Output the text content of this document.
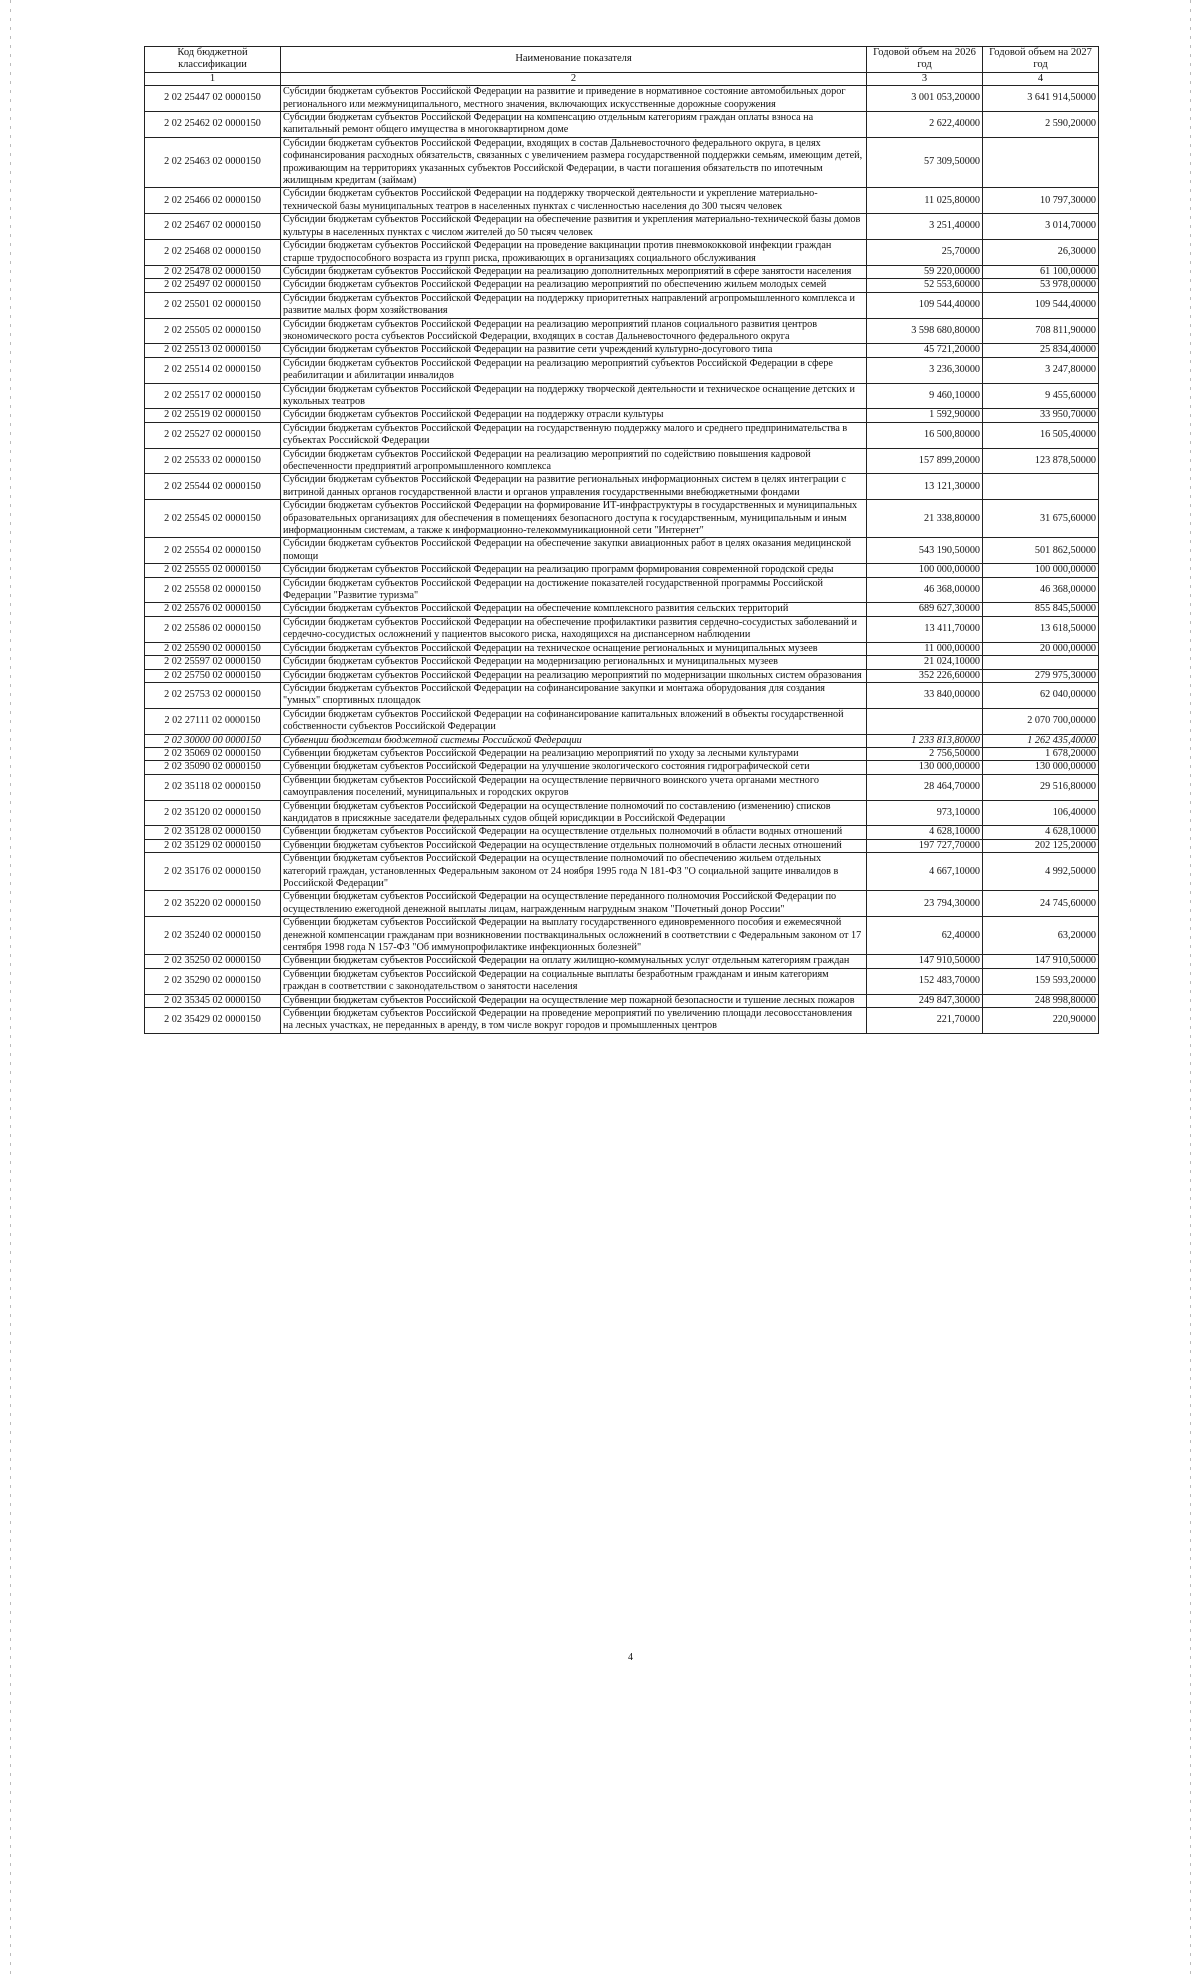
Код бюджетной классификации	Наименование показателя	Годовой объем на 2026 год	Годовой объем на 2027 год
1	2	3	4
2 02 25447 02 0000150	Субсидии бюджетам субъектов Российской Федерации на развитие и приведение в нормативное состояние автомобильных дорог регионального или межмуниципального, местного значения, включающих искусственные дорожные сооружения	3 001 053,20000	3 641 914,50000
2 02 25462 02 0000150	Субсидии бюджетам субъектов Российской Федерации на компенсацию отдельным категориям граждан оплаты взноса на капитальный ремонт общего имущества в многоквартирном доме	2 622,40000	2 590,20000
2 02 25463 02 0000150	Субсидии бюджетам субъектов Российской Федерации, входящих в состав Дальневосточного федерального округа, в целях софинансирования расходных обязательств, связанных с увеличением размера государственной поддержки семьям, имеющим детей, проживающим на территориях указанных субъектов Российской Федерации, в части погашения обязательств по ипотечным жилищным кредитам (займам)	57 309,50000	
2 02 25466 02 0000150	Субсидии бюджетам субъектов Российской Федерации на поддержку творческой деятельности и укрепление материально-технической базы муниципальных театров в населенных пунктах с численностью населения до 300 тысяч человек	11 025,80000	10 797,30000
2 02 25467 02 0000150	Субсидии бюджетам субъектов Российской Федерации на обеспечение развития и укрепления материально-технической базы домов культуры в населенных пунктах с числом жителей до 50 тысяч человек	3 251,40000	3 014,70000
2 02 25468 02 0000150	Субсидии бюджетам субъектов Российской Федерации на проведение вакцинации против пневмококковой инфекции граждан старше трудоспособного возраста из групп риска, проживающих в организациях социального обслуживания	25,70000	26,30000
2 02 25478 02 0000150	Субсидии бюджетам субъектов Российской Федерации на реализацию дополнительных мероприятий в сфере занятости населения	59 220,00000	61 100,00000
2 02 25497 02 0000150	Субсидии бюджетам субъектов Российской Федерации на реализацию мероприятий по обеспечению жильем молодых семей	52 553,60000	53 978,00000
2 02 25501 02 0000150	Субсидии бюджетам субъектов Российской Федерации на поддержку приоритетных направлений агропромышленного комплекса и развитие малых форм хозяйствования	109 544,40000	109 544,40000
2 02 25505 02 0000150	Субсидии бюджетам субъектов Российской Федерации на реализацию мероприятий планов социального развития центров экономического роста субъектов Российской Федерации, входящих в состав Дальневосточного федерального округа	3 598 680,80000	708 811,90000
2 02 25513 02 0000150	Субсидии бюджетам субъектов Российской Федерации на развитие сети учреждений культурно-досугового типа	45 721,20000	25 834,40000
2 02 25514 02 0000150	Субсидии бюджетам субъектов Российской Федерации на реализацию мероприятий субъектов Российской Федерации в сфере реабилитации и абилитации инвалидов	3 236,30000	3 247,80000
2 02 25517 02 0000150	Субсидии бюджетам субъектов Российской Федерации на поддержку творческой деятельности и техническое оснащение детских и кукольных театров	9 460,10000	9 455,60000
2 02 25519 02 0000150	Субсидии бюджетам субъектов Российской Федерации на поддержку отрасли культуры	1 592,90000	33 950,70000
2 02 25527 02 0000150	Субсидии бюджетам субъектов Российской Федерации на государственную поддержку малого и среднего предпринимательства в субъектах Российской Федерации	16 500,80000	16 505,40000
2 02 25533 02 0000150	Субсидии бюджетам субъектов Российской Федерации на реализацию мероприятий по содействию повышения кадровой обеспеченности предприятий агропромышленного комплекса	157 899,20000	123 878,50000
2 02 25544 02 0000150	Субсидии бюджетам субъектов Российской Федерации на развитие региональных информационных систем в целях интеграции с витриной данных органов государственной власти и органов управления государственными внебюджетными фондами	13 121,30000	
2 02 25545 02 0000150	Субсидии бюджетам субъектов Российской Федерации на формирование ИТ-инфраструктуры в государственных и муниципальных образовательных организациях для обеспечения в помещениях безопасного доступа к государственным, муниципальным и иным информационным системам, а также к информационно-телекоммуникационной сети "Интернет"	21 338,80000	31 675,60000
2 02 25554 02 0000150	Субсидии бюджетам субъектов Российской Федерации на обеспечение закупки авиационных работ в целях оказания медицинской помощи	543 190,50000	501 862,50000
2 02 25555 02 0000150	Субсидии бюджетам субъектов Российской Федерации на реализацию программ формирования современной городской среды	100 000,00000	100 000,00000
2 02 25558 02 0000150	Субсидии бюджетам субъектов Российской Федерации на достижение показателей государственной программы Российской Федерации "Развитие туризма"	46 368,00000	46 368,00000
2 02 25576 02 0000150	Субсидии бюджетам субъектов Российской Федерации на обеспечение комплексного развития сельских территорий	689 627,30000	855 845,50000
2 02 25586 02 0000150	Субсидии бюджетам субъектов Российской Федерации на обеспечение профилактики развития сердечно-сосудистых заболеваний и сердечно-сосудистых осложнений у пациентов высокого риска, находящихся на диспансерном наблюдении	13 411,70000	13 618,50000
2 02 25590 02 0000150	Субсидии бюджетам субъектов Российской Федерации на техническое оснащение региональных и муниципальных музеев	11 000,00000	20 000,00000
2 02 25597 02 0000150	Субсидии бюджетам субъектов Российской Федерации на модернизацию региональных и муниципальных музеев	21 024,10000	
2 02 25750 02 0000150	Субсидии бюджетам субъектов Российской Федерации на реализацию мероприятий по модернизации школьных систем образования	352 226,60000	279 975,30000
2 02 25753 02 0000150	Субсидии бюджетам субъектов Российской Федерации на софинансирование закупки и монтажа оборудования для создания "умных" спортивных площадок	33 840,00000	62 040,00000
2 02 27111 02 0000150	Субсидии бюджетам субъектов Российской Федерации на софинансирование капитальных вложений в объекты государственной собственности субъектов Российской Федерации		2 070 700,00000
2 02 30000 00 0000150	Субвенции бюджетам бюджетной системы Российской Федерации	1 233 813,80000	1 262 435,40000
2 02 35069 02 0000150	Субвенции бюджетам субъектов Российской Федерации на реализацию мероприятий по уходу за лесными культурами	2 756,50000	1 678,20000
2 02 35090 02 0000150	Субвенции бюджетам субъектов Российской Федерации на улучшение экологического состояния гидрографической сети	130 000,00000	130 000,00000
2 02 35118 02 0000150	Субвенции бюджетам субъектов Российской Федерации на осуществление первичного воинского учета органами местного самоуправления поселений, муниципальных и городских округов	28 464,70000	29 516,80000
2 02 35120 02 0000150	Субвенции бюджетам субъектов Российской Федерации на осуществление полномочий по составлению (изменению) списков кандидатов в присяжные заседатели федеральных судов общей юрисдикции в Российской Федерации	973,10000	106,40000
2 02 35128 02 0000150	Субвенции бюджетам субъектов Российской Федерации на осуществление отдельных полномочий в области водных отношений	4 628,10000	4 628,10000
2 02 35129 02 0000150	Субвенции бюджетам субъектов Российской Федерации на осуществление отдельных полномочий в области лесных отношений	197 727,70000	202 125,20000
2 02 35176 02 0000150	Субвенции бюджетам субъектов Российской Федерации на осуществление полномочий по обеспечению жильем отдельных категорий граждан, установленных Федеральным законом от 24 ноября 1995 года N 181-ФЗ "О социальной защите инвалидов в Российской Федерации"	4 667,10000	4 992,50000
2 02 35220 02 0000150	Субвенции бюджетам субъектов Российской Федерации на осуществление переданного полномочия Российской Федерации по осуществлению ежегодной денежной выплаты лицам, награжденным нагрудным знаком "Почетный донор России"	23 794,30000	24 745,60000
2 02 35240 02 0000150	Субвенции бюджетам субъектов Российской Федерации на выплату государственного единовременного пособия и ежемесячной денежной компенсации гражданам при возникновении поствакцинальных осложнений в соответствии с Федеральным законом от 17 сентября 1998 года N 157-ФЗ "Об иммунопрофилактике инфекционных болезней"	62,40000	63,20000
2 02 35250 02 0000150	Субвенции бюджетам субъектов Российской Федерации на оплату жилищно-коммунальных услуг отдельным категориям граждан	147 910,50000	147 910,50000
2 02 35290 02 0000150	Субвенции бюджетам субъектов Российской Федерации на социальные выплаты безработным гражданам и иным категориям граждан в соответствии с законодательством о занятости населения	152 483,70000	159 593,20000
2 02 35345 02 0000150	Субвенции бюджетам субъектов Российской Федерации на осуществление мер пожарной безопасности и тушение лесных пожаров	249 847,30000	248 998,80000
2 02 35429 02 0000150	Субвенции бюджетам субъектов Российской Федерации на проведение мероприятий по увеличению площади лесовосстановления на лесных участках, не переданных в аренду, в том числе вокруг городов и промышленных центров	221,70000	220,90000
4
